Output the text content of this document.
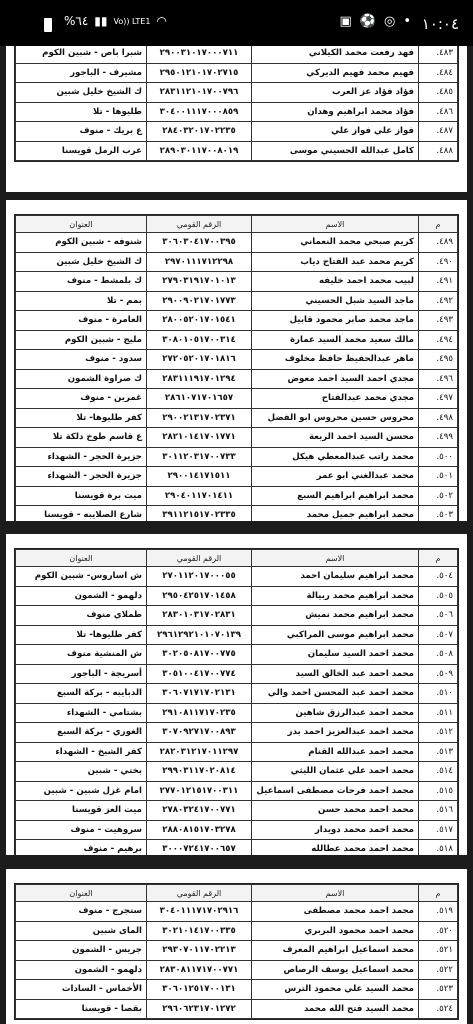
١٠:٠٤
▣ ⚽ ◎ •
%٦٤ ▮▮ Vo)) LTE1 ◠
٤٨٣.	فهد رفعت محمد الكيلاني	٢٩٠٠٣١٠١٧٠٠٠٧١١	شبرا باص - شبين الكوم
٤٨٤.	فهيم محمد فهيم الديركي	٢٩٥٠١٢١٠١٧٠٢٧١٥	مشيرف - الباجور
٤٨٥.	فؤاد فؤاد عز العرب	٢٨٣١١٢١٠١٧٠٠٧٩٦	ك الشيخ خليل شبين
٤٨٦.	فؤاد محمد ابراهيم وهدان	٣٠٤٠٠١١١٧٠٠٠٨٥٩	طليوها - تلا
٤٨٧.	فواز علي فواز علي	٢٨٤٠٣٢٠١٧٠٢٢٣٥	ع بريك - منوف
٤٨٨.	كامل عبدالله الحسيني موسى	٢٨٩٠٣٠١١٧٠٠٨٠١٩	عرب الرمل قويسنا
م	الاسم	الرقم القومي	العنوان
٤٨٩.	كريم صبحي محمد النعماني	٣٠٦٠٣٠٤١٧٠٠٣٩٥	شنوفه - شبين الكوم
٤٩٠.	كريم محمد عبد الفتاح دياب	٢٩٧٠١١١٧١٢٢٩٨	ك الشيخ خليل شبين
٤٩١.	لبيب محمد احمد خليفه	٢٧٩٠٣١٩١٧٠١٠١٣	ك بلمشط - منوف
٤٩٢.	ماجد السيد شبل الحسيني	٢٩٠٠٩٠٢١٧٠١٧٧٣	بمم - تلا
٤٩٣.	ماجد محمد صابر محمود قابيل	٢٨٠٠٥٢٠١٧٠١٥٤١	العامرة - منوف
٤٩٤.	مالك سعيد محمد السيد عمارة	٣٠٨٠١٠٥١٧٠٠٣١٤	مليج - شبين الكوم
٤٩٥.	ماهر عبدالحفيظ حافظ مخلوف	٢٧٢٠٥٢٠١٧٠١٨١٦	سدود - منوف
٤٩٦.	مجدي احمد السيد احمد معوض	٢٨٣١١١٩١٧٠١٢٩٤	ك صراوة الشمون
٤٩٧.	مجدي محمد عبدالفتاح	٢٨٦١٠٧١٧٠١٦٥٧	غمرين - منوف
٤٩٨.	محروس حسين محروس ابو الفضل	٢٩٠٠٢١٣١٧٠٢٣٧١	كفر طليوها- تلا
٤٩٩.	محسن السيد احمد الربعة	٢٨٢١٠١٤١٧٠١٧٧١	ع قاسم طوخ دلكة تلا
٥٠٠.	محمد راتب عبدالمعطي هيكل	٣٠١١٢٠٣١٧٠٠٧٣٣	جزيرة الحجر - الشهداء
٥٠١.	محمد عبدالغني ابو عمر	٢٩٠٠١٤١٧١٥١١	جزيرة الحجر - الشهداء
٥٠٢.	محمد ابراهيم ابراهيم السبع	٢٩٠٤٠١١٧٠١٤١١	ميت برة قويسنا
٥٠٣.	محمد ابراهيم جميل محمد	٣٩١١٢١٥١٧٠٢٣٣٥	شارع الصلايبه - قويسنا
م	الاسم	الرقم القومي	العنوان
٥٠٤.	محمد ابراهيم سليمان احمد	٢٧٠١١٢٠١٧٠٠٠٥٥	ش اساروس- شبين الكوم
٥٠٥.	محمد ابراهيم محمد ربيالة	٢٩٥٠٤٢٥١٧٠١٤٥٨	دلهمو - الشمون
٥٠٦.	محمد ابراهيم محمد نميش	٢٨٣٠١٠٣١٧٠٢٨٣١	طملاي منوف
٥٠٧.	محمد ابراهيم موسى المراكبي	٢٩٦١٢٩٢١٠١٠٧٠١٣٩	كفر طليوها- تلا
٥٠٨.	محمد احمد السيد سليمان	٣٠٢٠٥٠٨١٧٠٠٧٧٥	ش المنشية منوف
٥٠٩.	محمد احمد عبد الخالق السيد	٣٠٥١٠٠٤١٧٠٠٧٧٤	أسريجة - الباجور
٥١٠.	محمد احمد عبد المحسن احمد والي	٣٠٦٠٧١٧١٧٠٢١٣١	الدبايبه - بركة السبع
٥١١.	محمد احمد عبدالرزق شاهين	٢٩١٠٨١١٧١٧٠٢٣٥	بشتامي - الشهداء
٥١٢.	محمد احمد عبدالعزيز احمد بدر	٣٠٧٠٩٢٧١٧٠٠٨٩٣	الغوري - بركة السبع
٥١٣.	محمد احمد عبدالله القنام	٢٨٢٠٣١٢١٧٠١١٢٩٧	كفر الشيخ - الشهداء
٥١٤.	محمد احمد علي عثمان الليثي	٢٩٩٠٣١١٧٠٢٠٨١٤	بختي - شبين
٥١٥.	محمد احمد فرحات مصطفى اسماعيل	٢٧٧٠١٢١٥١٧٠٠٣١١	امام غزل شبين - شبين
٥١٦.	محمد احمد محمد حسن	٢٧٨٠٣٢٤١٧٠٠٧٧١	ميت العز قويسنا
٥١٧.	محمد احمد محمد دويدار	٢٨٨٠٨١٥١٧٠٣٢٧٨	سروهيت - منوف
٥١٨.	محمد احمد محمد عطالله	٣٠٠٠٧٢٤١٧٠٠٦٥٧	برهيم - منوف
م	الاسم	الرقم القومي	العنوان
٥١٩.	محمد احمد محمد مصطفى	٣٠٤٠١١١٧١٧٠٢٩١٦	ستجرج - منوف
٥٢٠.	محمد احمد محمود البربري	٣٠٢١٠١٤١٧٠٠٣٣٥	الماى شبين
٥٢١.	محمد اسماعيل ابراهيم المعرف	٢٩٣٠٧٠١١٧٠٢٢١٣	جريس - الشمون
٥٢٢.	محمد اسماعيل يوسف الرصاص	٢٨٣٠٨١١٧١٧٠٠٧٧١	دلهمو - الشمون
٥٢٣.	محمد السيد علي محمود الترس	٣٠٦٠١٢٥١٧٠٠١٣١	الأخماس - السادات
٥٢٤.	محمد السيد فتح الله محمد	٢٩٦٠٦٢٣١٧٠١٢٧٢	بقصا - قويسنا
